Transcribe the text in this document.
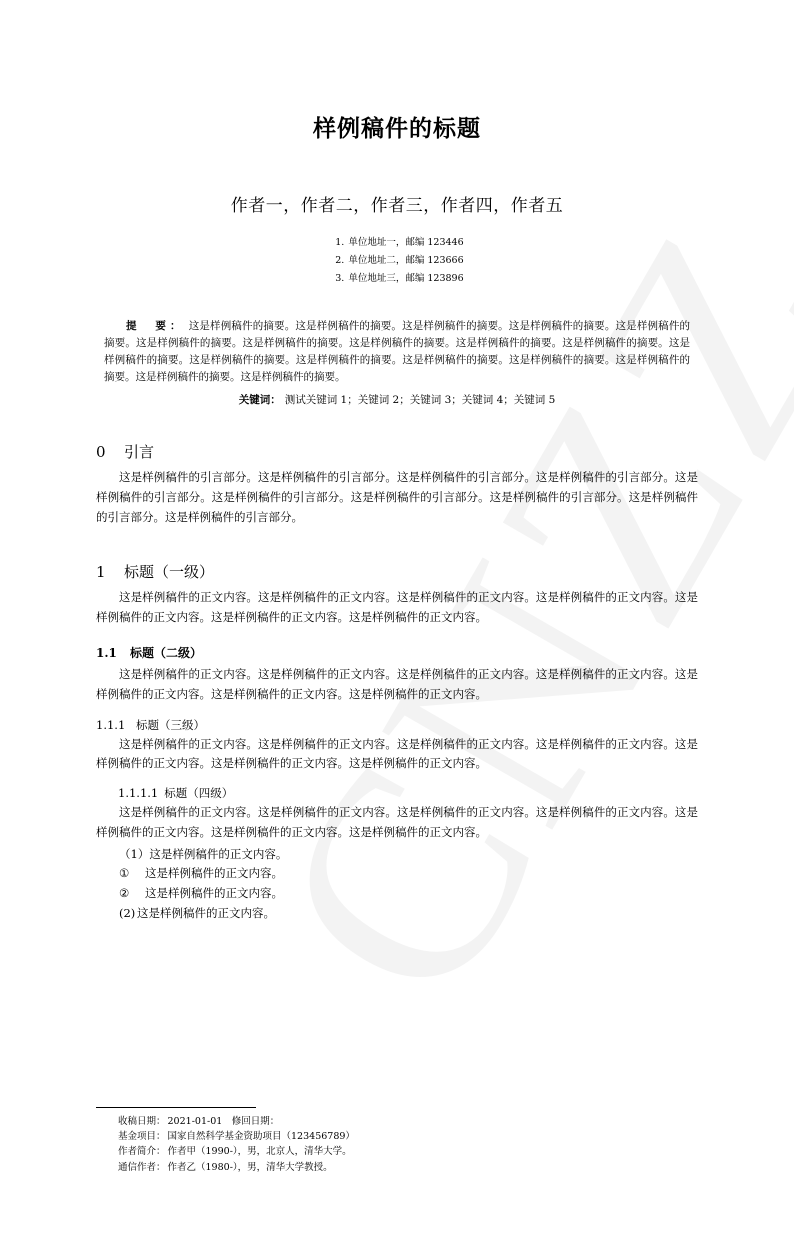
样例稿件的标题
作者一，作者二，作者三，作者四，作者五
1. 单位地址一，邮编 123446
2. 单位地址二，邮编 123666
3. 单位地址三，邮编 123896
提　要： 这是样例稿件的摘要。这是样例稿件的摘要。这是样例稿件的摘要。这是样例稿件的摘要。这是样例稿件的摘要。这是样例稿件的摘要。这是样例稿件的摘要。这是样例稿件的摘要。这是样例稿件的摘要。这是样例稿件的摘要。这是样例稿件的摘要。这是样例稿件的摘要。这是样例稿件的摘要。这是样例稿件的摘要。这是样例稿件的摘要。这是样例稿件的摘要。这是样例稿件的摘要。这是样例稿件的摘要。
关键词： 测试关键词 1；关键词 2；关键词 3；关键词 4；关键词 5
0 引言

这是样例稿件的引言部分。这是样例稿件的引言部分。这是样例稿件的引言部分。这是样例稿件的引言部分。这是样例稿件的引言部分。这是样例稿件的引言部分。这是样例稿件的引言部分。这是样例稿件的引言部分。这是样例稿件的引言部分。这是样例稿件的引言部分。

1 标题（一级）

这是样例稿件的正文内容。这是样例稿件的正文内容。这是样例稿件的正文内容。这是样例稿件的正文内容。这是样例稿件的正文内容。这是样例稿件的正文内容。这是样例稿件的正文内容。

1.1 标题（二级）

这是样例稿件的正文内容。这是样例稿件的正文内容。这是样例稿件的正文内容。这是样例稿件的正文内容。这是样例稿件的正文内容。这是样例稿件的正文内容。这是样例稿件的正文内容。

1.1.1 标题（三级）

这是样例稿件的正文内容。这是样例稿件的正文内容。这是样例稿件的正文内容。这是样例稿件的正文内容。这是样例稿件的正文内容。这是样例稿件的正文内容。这是样例稿件的正文内容。

1.1.1.1 标题（四级）

这是样例稿件的正文内容。这是样例稿件的正文内容。这是样例稿件的正文内容。这是样例稿件的正文内容。这是样例稿件的正文内容。这是样例稿件的正文内容。这是样例稿件的正文内容。

（1）这是样例稿件的正文内容。
① 这是样例稿件的正文内容。
② 这是样例稿件的正文内容。
(2) 这是样例稿件的正文内容。
收稿日期： 2021-01-01　修回日期：
基金项目： 国家自然科学基金资助项目（123456789）
作者简介： 作者甲（1990-），男，北京人，清华大学。
通信作者： 作者乙（1980-），男，清华大学教授。
